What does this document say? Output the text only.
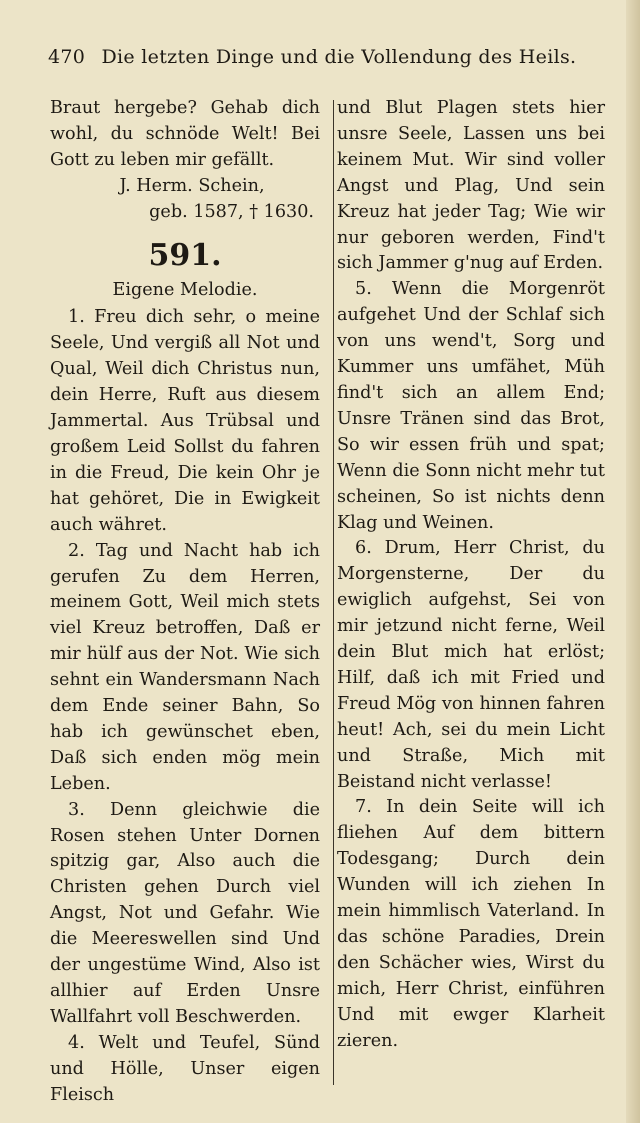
470 Die letzten Dinge und die Vollendung des Heils.

Braut hergebe? Gehab dich wohl, du schnöde Welt! Bei Gott zu leben mir gefällt.

J. Herm. Schein,
geb. 1587, † 1630.
591.
Eigene Melodie.

1. Freu dich sehr, o meine Seele, Und vergiß all Not und Qual, Weil dich Christus nun, dein Herre, Ruft aus diesem Jammertal. Aus Trübsal und großem Leid Sollst du fahren in die Freud, Die kein Ohr je hat gehöret, Die in Ewigkeit auch währet.

2. Tag und Nacht hab ich gerufen Zu dem Herren, meinem Gott, Weil mich stets viel Kreuz betroffen, Daß er mir hülf aus der Not. Wie sich sehnt ein Wandersmann Nach dem Ende seiner Bahn, So hab ich gewünschet eben, Daß sich enden mög mein Leben.

3. Denn gleichwie die Rosen stehen Unter Dornen spitzig gar, Also auch die Christen gehen Durch viel Angst, Not und Gefahr. Wie die Meereswellen sind Und der ungestüme Wind, Also ist allhier auf Erden Unsre Wallfahrt voll Beschwerden.

4. Welt und Teufel, Sünd und Hölle, Unser eigen Fleisch

und Blut Plagen stets hier unsre Seele, Lassen uns bei keinem Mut. Wir sind voller Angst und Plag, Und sein Kreuz hat jeder Tag; Wie wir nur geboren werden, Find't sich Jammer g'nug auf Erden.

5. Wenn die Morgenröt aufgehet Und der Schlaf sich von uns wend't, Sorg und Kummer uns umfähet, Müh find't sich an allem End; Unsre Tränen sind das Brot, So wir essen früh und spat; Wenn die Sonn nicht mehr tut scheinen, So ist nichts denn Klag und Weinen.

6. Drum, Herr Christ, du Morgensterne, Der du ewiglich aufgehst, Sei von mir jetzund nicht ferne, Weil dein Blut mich hat erlöst; Hilf, daß ich mit Fried und Freud Mög von hinnen fahren heut! Ach, sei du mein Licht und Straße, Mich mit Beistand nicht verlasse!

7. In dein Seite will ich fliehen Auf dem bittern Todesgang; Durch dein Wunden will ich ziehen In mein himmlisch Vaterland. In das schöne Paradies, Drein den Schächer wies, Wirst du mich, Herr Christ, einführen Und mit ewger Klarheit zieren.
